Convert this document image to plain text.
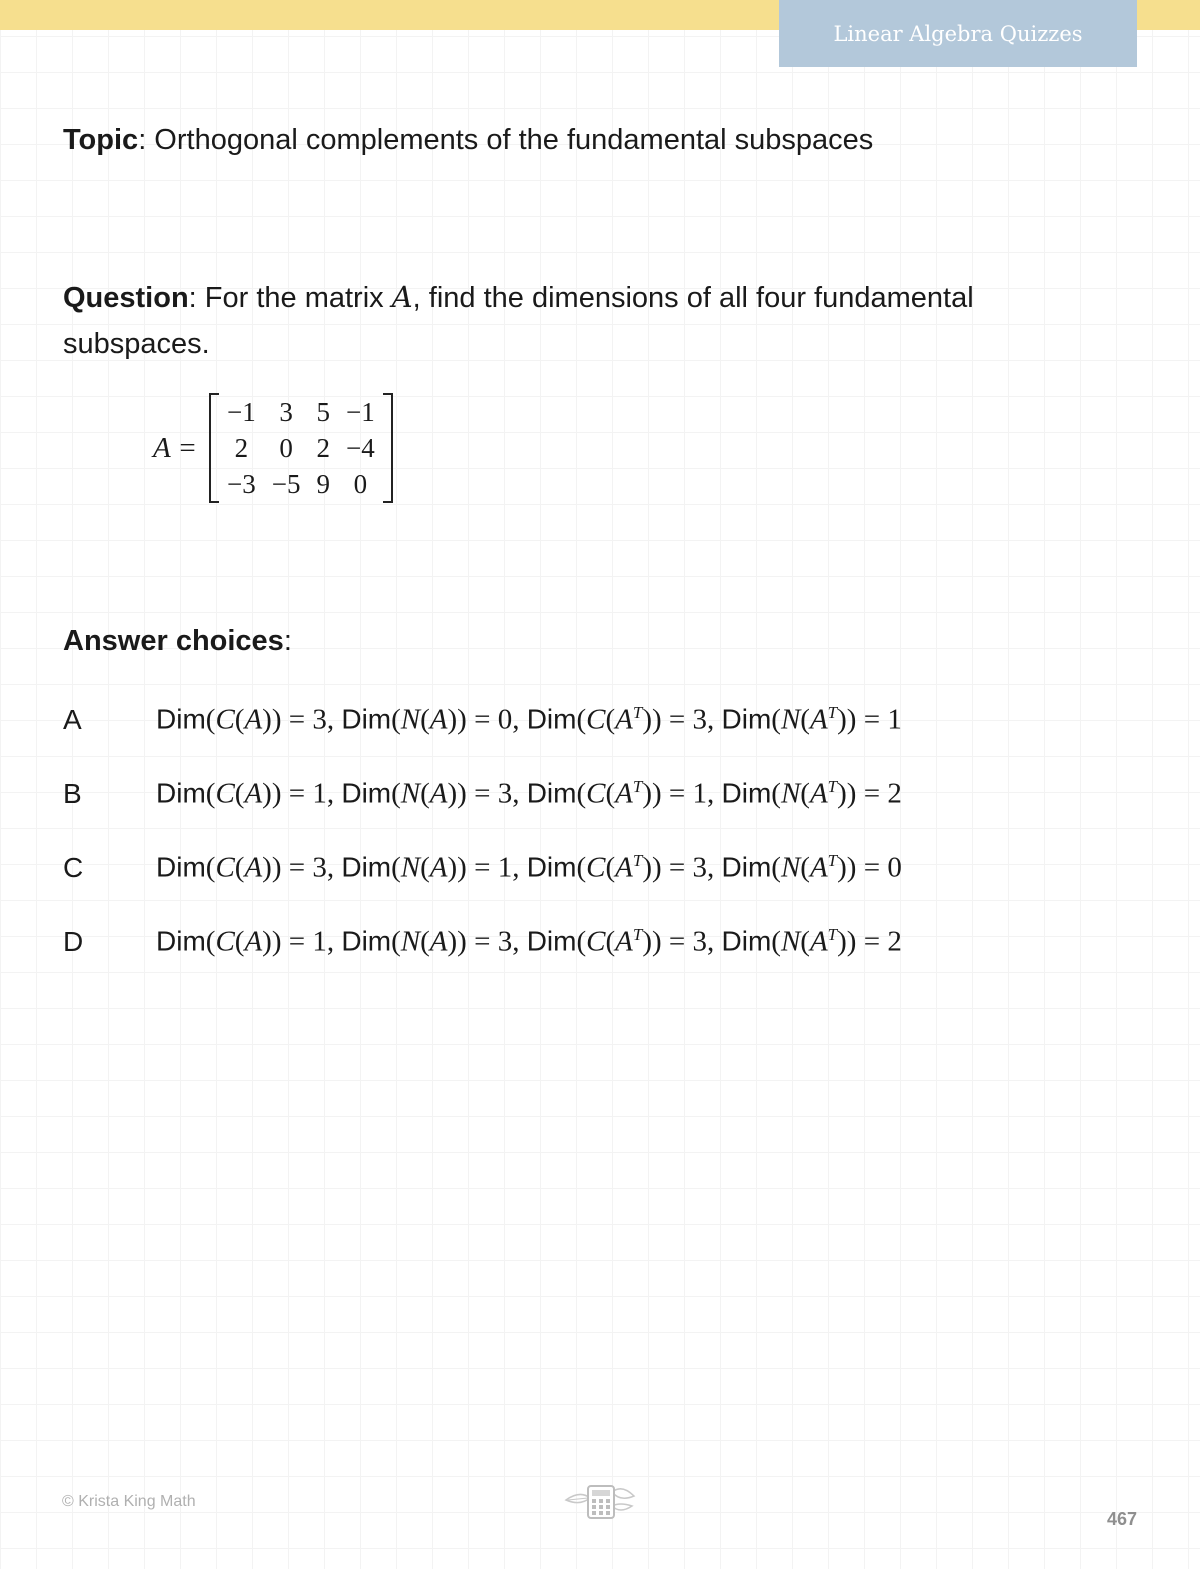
Linear Algebra Quizzes
Topic: Orthogonal complements of the fundamental subspaces
Question: For the matrix A, find the dimensions of all four fundamental subspaces.
A =
−1	3	5	−1
2	0	2	−4
−3	−5	9	0
Answer choices:
A	Dim(C(A)) = 3, Dim(N(A)) = 0, $Dim(C(A^T)) = 3$, $Dim(N(A^T)) = 1$
B	Dim(C(A)) = 1, Dim(N(A)) = 3, $Dim(C(A^T)) = 1$, $Dim(N(A^T)) = 2$
C	Dim(C(A)) = 3, Dim(N(A)) = 1, $Dim(C(A^T)) = 3$, $Dim(N(A^T)) = 0$
D	Dim(C(A)) = 1, Dim(N(A)) = 3, $Dim(C(A^T)) = 3$, $Dim(N(A^T)) = 2$
© Krista King Math
467
